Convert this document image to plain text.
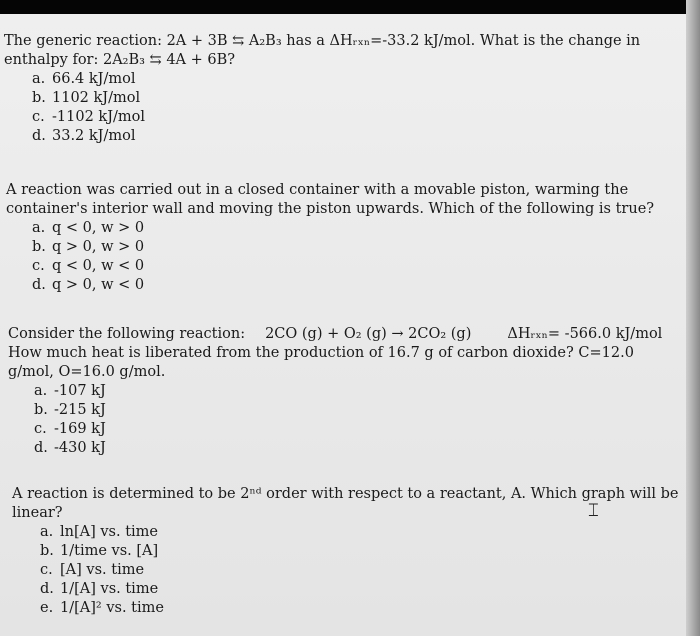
The generic reaction: 2A + 3B ⇆ A₂B₃ has a ΔHᵣₓₙ=-33.2 kJ/mol. What is the change in

enthalpy for: 2A₂B₃ ⇆ 4A + 6B?

a. 66.4 kJ/mol
b. 1102 kJ/mol
c. -1102 kJ/mol
d. 33.2 kJ/mol

A reaction was carried out in a closed container with a movable piston, warming the

container's interior wall and moving the piston upwards. Which of the following is true?

a. q < 0, w > 0
b. q > 0, w > 0
c. q < 0, w < 0
d. q > 0, w < 0

Consider the following reaction: 2CO (g) + O₂ (g) → 2CO₂ (g) ΔHᵣₓₙ= -566.0 kJ/mol

How much heat is liberated from the production of 16.7 g of carbon dioxide? C=12.0

g/mol, O=16.0 g/mol.

a. -107 kJ
b. -215 kJ
c. -169 kJ
d. -430 kJ

A reaction is determined to be 2ⁿᵈ order with respect to a reactant, A. Which graph will be

linear?

a. ln[A] vs. time
b. 1/time vs. [A]
c. [A] vs. time
d. 1/[A] vs. time
e. 1/[A]² vs. time
⌶
